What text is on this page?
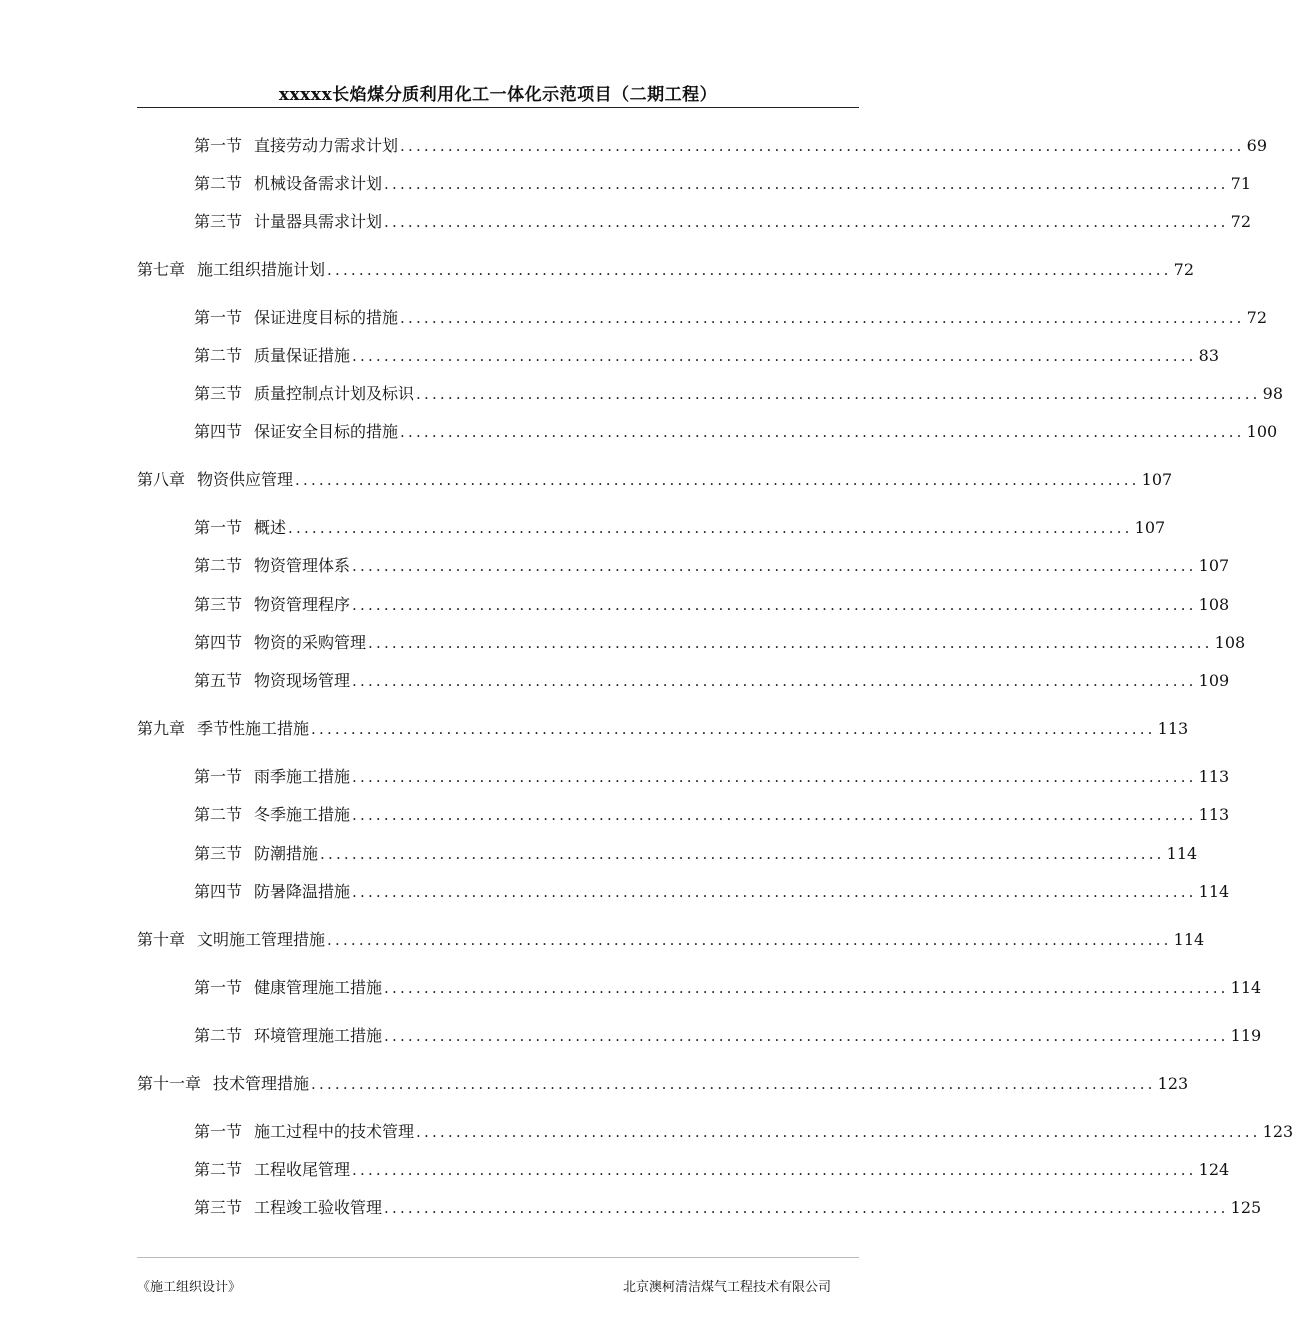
xxxxx长焰煤分质利用化工一体化示范项目（二期工程）
第一节 直接劳动力需求计划 .......................................................................................................... 69
第二节 机械设备需求计划 .......................................................................................................... 71
第三节 计量器具需求计划 .......................................................................................................... 72
第七章 施工组织措施计划 .......................................................................................................... 72
第一节 保证进度目标的措施 .......................................................................................................... 72
第二节 质量保证措施 .......................................................................................................... 83
第三节 质量控制点计划及标识 .......................................................................................................... 98
第四节 保证安全目标的措施 .......................................................................................................... 100
第八章 物资供应管理 .......................................................................................................... 107
第一节 概述 .......................................................................................................... 107
第二节 物资管理体系 .......................................................................................................... 107
第三节 物资管理程序 .......................................................................................................... 108
第四节 物资的采购管理 .......................................................................................................... 108
第五节 物资现场管理 .......................................................................................................... 109
第九章 季节性施工措施 .......................................................................................................... 113
第一节 雨季施工措施 .......................................................................................................... 113
第二节 冬季施工措施 .......................................................................................................... 113
第三节 防潮措施 .......................................................................................................... 114
第四节 防暑降温措施 .......................................................................................................... 114
第十章 文明施工管理措施 .......................................................................................................... 114
第一节 健康管理施工措施 .......................................................................................................... 114
第二节 环境管理施工措施 .......................................................................................................... 119
第十一章 技术管理措施 .......................................................................................................... 123
第一节 施工过程中的技术管理 .......................................................................................................... 123
第二节 工程收尾管理 .......................................................................................................... 124
第三节 工程竣工验收管理 .......................................................................................................... 125
《施工组织设计》	北京澳柯清洁煤气工程技术有限公司
